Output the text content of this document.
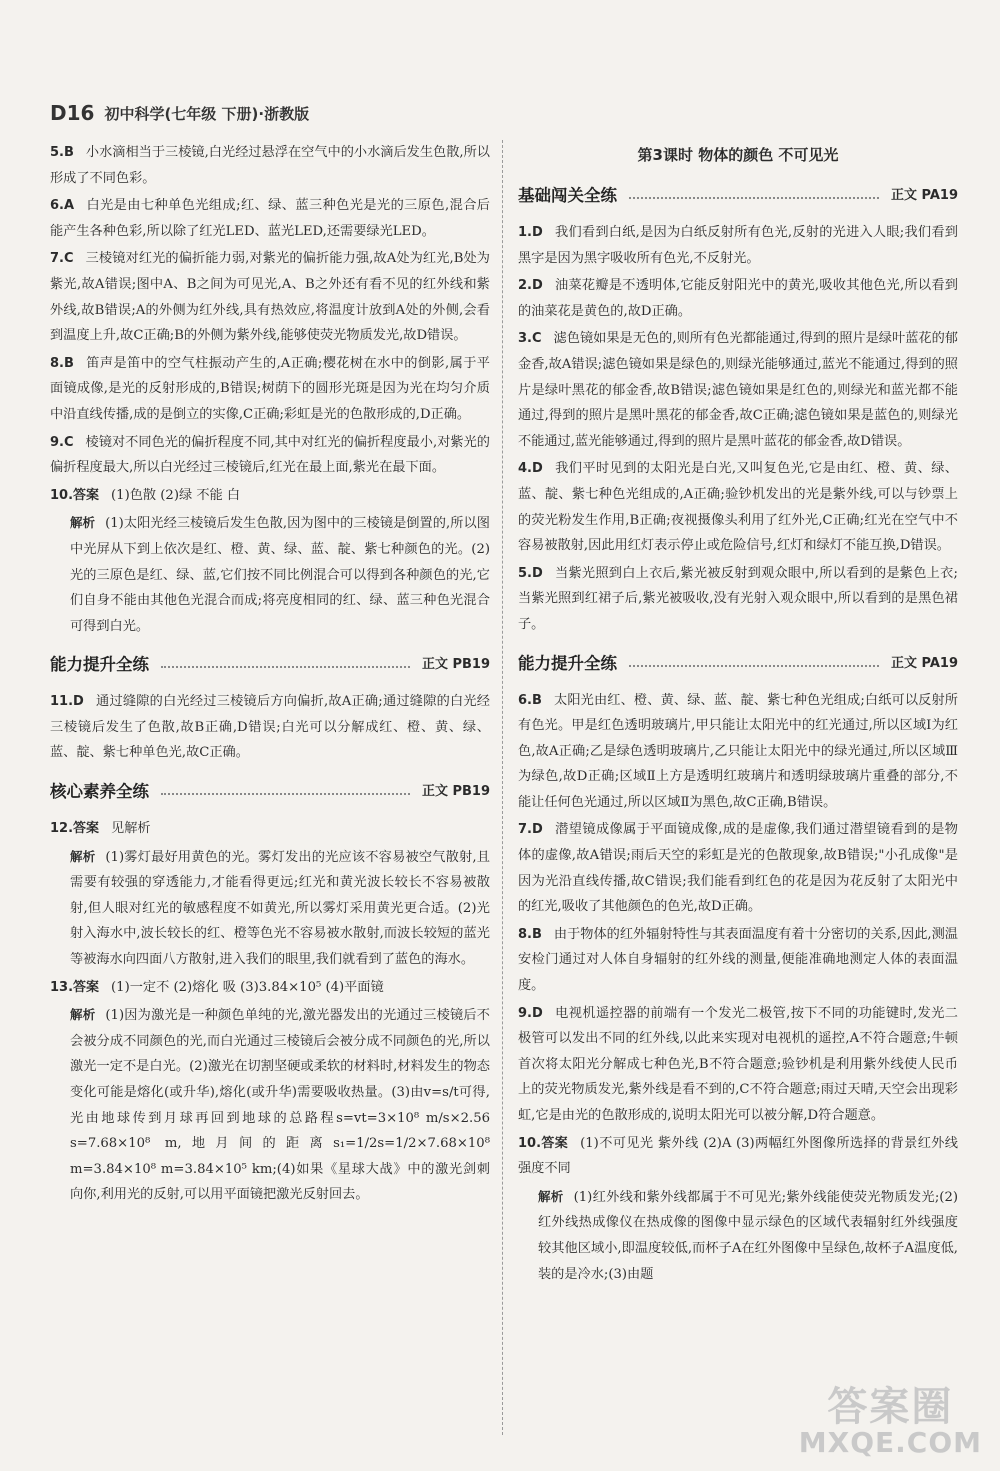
D16 初中科学(七年级 下册)·浙教版

5.B 小水滴相当于三棱镜,白光经过悬浮在空气中的小水滴后发生色散,所以形成了不同色彩。

6.A 白光是由七种单色光组成;红、绿、蓝三种色光是光的三原色,混合后能产生各种色彩,所以除了红光LED、蓝光LED,还需要绿光LED。

7.C 三棱镜对红光的偏折能力弱,对紫光的偏折能力强,故A处为红光,B处为紫光,故A错误;图中A、B之间为可见光,A、B之外还有看不见的红外线和紫外线,故B错误;A的外侧为红外线,具有热效应,将温度计放到A处的外侧,会看到温度上升,故C正确;B的外侧为紫外线,能够使荧光物质发光,故D错误。

8.B 笛声是笛中的空气柱振动产生的,A正确;樱花树在水中的倒影,属于平面镜成像,是光的反射形成的,B错误;树荫下的圆形光斑是因为光在均匀介质中沿直线传播,成的是倒立的实像,C正确;彩虹是光的色散形成的,D正确。

9.C 棱镜对不同色光的偏折程度不同,其中对红光的偏折程度最小,对紫光的偏折程度最大,所以白光经过三棱镜后,红光在最上面,紫光在最下面。

10.答案 (1)色散 (2)绿 不能 白

解析 (1)太阳光经三棱镜后发生色散,因为图中的三棱镜是倒置的,所以图中光屏从下到上依次是红、橙、黄、绿、蓝、靛、紫七种颜色的光。(2)光的三原色是红、绿、蓝,它们按不同比例混合可以得到各种颜色的光,它们自身不能由其他色光混合而成;将亮度相同的红、绿、蓝三种色光混合可得到白光。

能力提升全练	正文 PB19

11.D 通过缝隙的白光经过三棱镜后方向偏折,故A正确;通过缝隙的白光经三棱镜后发生了色散,故B正确,D错误;白光可以分解成红、橙、黄、绿、蓝、靛、紫七种单色光,故C正确。

核心素养全练	正文 PB19

12.答案 见解析

解析 (1)雾灯最好用黄色的光。雾灯发出的光应该不容易被空气散射,且需要有较强的穿透能力,才能看得更远;红光和黄光波长较长不容易被散射,但人眼对红光的敏感程度不如黄光,所以雾灯采用黄光更合适。(2)光射入海水中,波长较长的红、橙等色光不容易被水散射,而波长较短的蓝光等被海水向四面八方散射,进入我们的眼里,我们就看到了蓝色的海水。

13.答案 (1)一定不 (2)熔化 吸 (3)3.84×10⁵ (4)平面镜

解析 (1)因为激光是一种颜色单纯的光,激光器发出的光通过三棱镜后不会被分成不同颜色的光,而白光通过三棱镜后会被分成不同颜色的光,所以激光一定不是白光。(2)激光在切割坚硬或柔软的材料时,材料发生的物态变化可能是熔化(或升华),熔化(或升华)需要吸收热量。(3)由v=s/t可得,光由地球传到月球再回到地球的总路程s=vt=3×10⁸ m/s×2.56 s=7.68×10⁸ m,地月间的距离s₁=1/2s=1/2×7.68×10⁸ m=3.84×10⁸ m=3.84×10⁵ km;(4)如果《星球大战》中的激光剑刺向你,利用光的反射,可以用平面镜把激光反射回去。

第3课时 物体的颜色 不可见光
基础闯关全练	正文 PA19

1.D 我们看到白纸,是因为白纸反射所有色光,反射的光进入人眼;我们看到黑字是因为黑字吸收所有色光,不反射光。

2.D 油菜花瓣是不透明体,它能反射阳光中的黄光,吸收其他色光,所以看到的油菜花是黄色的,故D正确。

3.C 滤色镜如果是无色的,则所有色光都能通过,得到的照片是绿叶蓝花的郁金香,故A错误;滤色镜如果是绿色的,则绿光能够通过,蓝光不能通过,得到的照片是绿叶黑花的郁金香,故B错误;滤色镜如果是红色的,则绿光和蓝光都不能通过,得到的照片是黑叶黑花的郁金香,故C正确;滤色镜如果是蓝色的,则绿光不能通过,蓝光能够通过,得到的照片是黑叶蓝花的郁金香,故D错误。

4.D 我们平时见到的太阳光是白光,又叫复色光,它是由红、橙、黄、绿、蓝、靛、紫七种色光组成的,A正确;验钞机发出的光是紫外线,可以与钞票上的荧光粉发生作用,B正确;夜视摄像头利用了红外光,C正确;红光在空气中不容易被散射,因此用红灯表示停止或危险信号,红灯和绿灯不能互换,D错误。

5.D 当紫光照到白上衣后,紫光被反射到观众眼中,所以看到的是紫色上衣;当紫光照到红裙子后,紫光被吸收,没有光射入观众眼中,所以看到的是黑色裙子。

能力提升全练	正文 PA19

6.B 太阳光由红、橙、黄、绿、蓝、靛、紫七种色光组成;白纸可以反射所有色光。甲是红色透明玻璃片,甲只能让太阳光中的红光通过,所以区域Ⅰ为红色,故A正确;乙是绿色透明玻璃片,乙只能让太阳光中的绿光通过,所以区域Ⅲ为绿色,故D正确;区域Ⅱ上方是透明红玻璃片和透明绿玻璃片重叠的部分,不能让任何色光通过,所以区域Ⅱ为黑色,故C正确,B错误。

7.D 潜望镜成像属于平面镜成像,成的是虚像,我们通过潜望镜看到的是物体的虚像,故A错误;雨后天空的彩虹是光的色散现象,故B错误;"小孔成像"是因为光沿直线传播,故C错误;我们能看到红色的花是因为花反射了太阳光中的红光,吸收了其他颜色的色光,故D正确。

8.B 由于物体的红外辐射特性与其表面温度有着十分密切的关系,因此,测温安检门通过对人体自身辐射的红外线的测量,便能准确地测定人体的表面温度。

9.D 电视机遥控器的前端有一个发光二极管,按下不同的功能键时,发光二极管可以发出不同的红外线,以此来实现对电视机的遥控,A不符合题意;牛顿首次将太阳光分解成七种色光,B不符合题意;验钞机是利用紫外线使人民币上的荧光物质发光,紫外线是看不到的,C不符合题意;雨过天晴,天空会出现彩虹,它是由光的色散形成的,说明太阳光可以被分解,D符合题意。

10.答案 (1)不可见光 紫外线 (2)A (3)两幅红外图像所选择的背景红外线强度不同

解析 (1)红外线和紫外线都属于不可见光;紫外线能使荧光物质发光;(2)红外线热成像仪在热成像的图像中显示绿色的区域代表辐射红外线强度较其他区域小,即温度较低,而杯子A在红外图像中呈绿色,故杯子A温度低,装的是冷水;(3)由题

答案圈
MXQE.COM
